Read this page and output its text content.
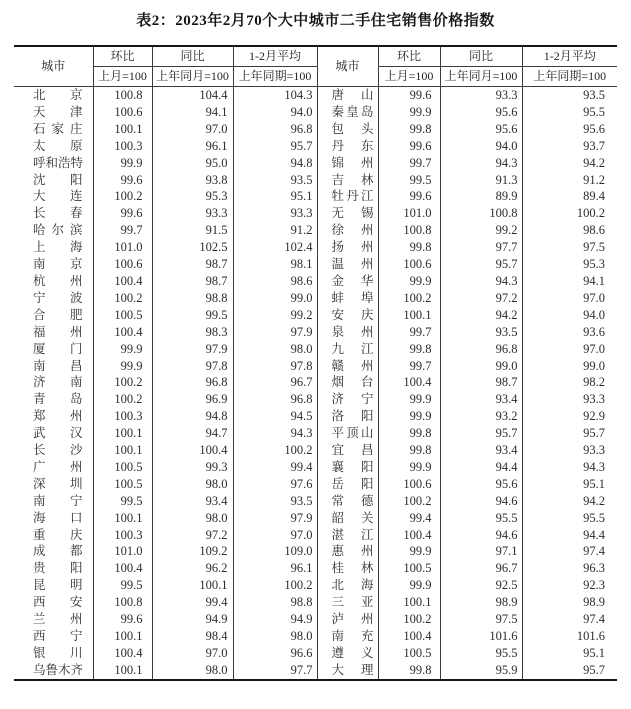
表2：2023年2月70个大中城市二手住宅销售价格指数
城市	环比	同比	1-2月平均	城市	环比	同比	1-2月平均
	上月=100	上年同月=100	上年同期=100		上月=100	上年同月=100	上年同期=100

北 京	100.8	104.4	104.3	唐 山	99.6	93.3	93.5

天 津	100.6	94.1	94.0	秦 皇 岛	99.9	95.6	95.5

石 家 庄	100.1	97.0	96.8	包 头	99.8	95.6	95.6

太 原	100.3	96.1	95.7	丹 东	99.6	94.0	93.7

呼 和 浩 特	99.9	95.0	94.8	锦 州	99.7	94.3	94.2

沈 阳	99.6	93.8	93.5	吉 林	99.5	91.3	91.2

大 连	100.2	95.3	95.1	牡 丹 江	99.6	89.9	89.4

长 春	99.6	93.3	93.3	无 锡	101.0	100.8	100.2

哈 尔 滨	99.7	91.5	91.2	徐 州	100.8	99.2	98.6

上 海	101.0	102.5	102.4	扬 州	99.8	97.7	97.5

南 京	100.6	98.7	98.1	温 州	100.6	95.7	95.3

杭 州	100.4	98.7	98.6	金 华	99.9	94.3	94.1

宁 波	100.2	98.8	99.0	蚌 埠	100.2	97.2	97.0

合 肥	100.5	99.5	99.2	安 庆	100.1	94.2	94.0

福 州	100.4	98.3	97.9	泉 州	99.7	93.5	93.6

厦 门	99.9	97.9	98.0	九 江	99.8	96.8	97.0

南 昌	99.9	97.8	97.8	赣 州	99.7	99.0	99.0

济 南	100.2	96.8	96.7	烟 台	100.4	98.7	98.2

青 岛	100.2	96.9	96.8	济 宁	99.9	93.4	93.3

郑 州	100.3	94.8	94.5	洛 阳	99.9	93.2	92.9

武 汉	100.1	94.7	94.3	平 顶 山	99.8	95.7	95.7

长 沙	100.1	100.4	100.2	宜 昌	99.8	93.4	93.3

广 州	100.5	99.3	99.4	襄 阳	99.9	94.4	94.3

深 圳	100.5	98.0	97.6	岳 阳	100.6	95.6	95.1

南 宁	99.5	93.4	93.5	常 德	100.2	94.6	94.2

海 口	100.1	98.0	97.9	韶 关	99.4	95.5	95.5

重 庆	100.3	97.2	97.0	湛 江	100.4	94.6	94.4

成 都	101.0	109.2	109.0	惠 州	99.9	97.1	97.4

贵 阳	100.4	96.2	96.1	桂 林	100.5	96.7	96.3

昆 明	99.5	100.1	100.2	北 海	99.9	92.5	92.3

西 安	100.8	99.4	98.8	三 亚	100.1	98.9	98.9

兰 州	99.6	94.9	94.9	泸 州	100.2	97.5	97.4

西 宁	100.1	98.4	98.0	南 充	100.4	101.6	101.6

银 川	100.4	97.0	96.6	遵 义	100.5	95.5	95.1

乌 鲁 木 齐	100.1	98.0	97.7	大 理	99.8	95.9	95.7
